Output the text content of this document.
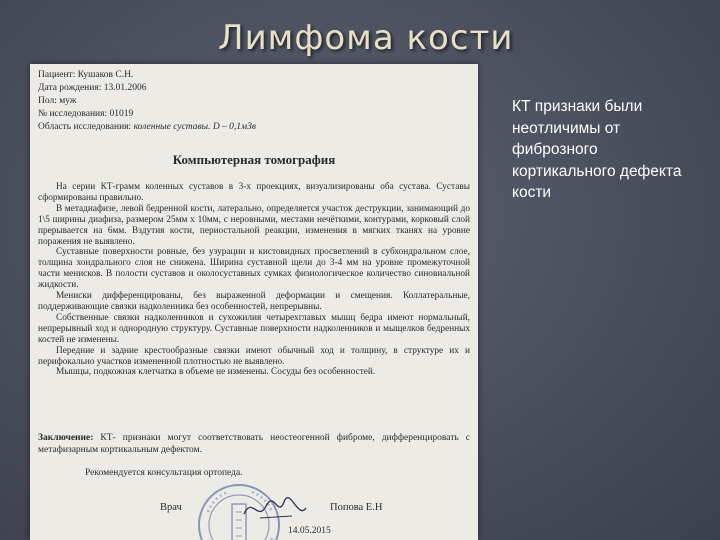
Лимфома кости
Пациент: Кушаков С.Н.
Дата рождения: 13.01.2006
Пол: муж
№ исследования: 01019
Область исследования: коленные суставы. D – 0,1мЗв
Компьютерная томография

На серии КТ-грамм коленных суставов в 3-х проекциях, визуализированы оба сустава. Суставы сформированы правильно.

В метадиафизе, левой бедренной кости, латерально, определяется участок деструкции, занимающий до 1\5 ширины диафиза, размером 25мм х 10мм, с неровными, местами нечёткими, контурами, корковый слой прерывается на 6мм. Вздутия кости, периостальной реакции, изменения в мягких тканях на уровне поражения не выявлено.

Суставные поверхности ровные, без узурации и кистовидных просветлений в субхондральном слое, толщина хондрального слоя не снижена. Ширина суставной щели до 3-4 мм на уровне промежуточной части менисков. В полости суставов и околосуставных сумках физиологическое количество синовиальной жидкости.

Мениски дифференцированы, без выраженной деформации и смещения. Коллатеральные, поддерживающие связки надколенника без особенностей, непрерывны.

Собственные связки надколенников и сухожилия четырехглавых мышц бедра имеют нормальный, непрерывный ход и однородную структуру. Суставные поверхности надколенников и мыщелков бедренных костей не изменены.

Передние и задние крестообразные связки имеют обычный ход и толщину, в структуре их и перифокально участков измененной плотностью не выявлено.

Мышцы, подкожная клетчатка в объеме не изменены. Сосуды без особенностей.

Заключение: КТ- признаки могут соответствовать неостеогенной фиброме, дифференцировать с метафизарным кортикальным дефектом.
Рекомендуется консультация ортопеда.
Врач	Попова Е.Н
14.05.2015
КТ признаки были неотличимы от фиброзного кортикального дефекта кости
